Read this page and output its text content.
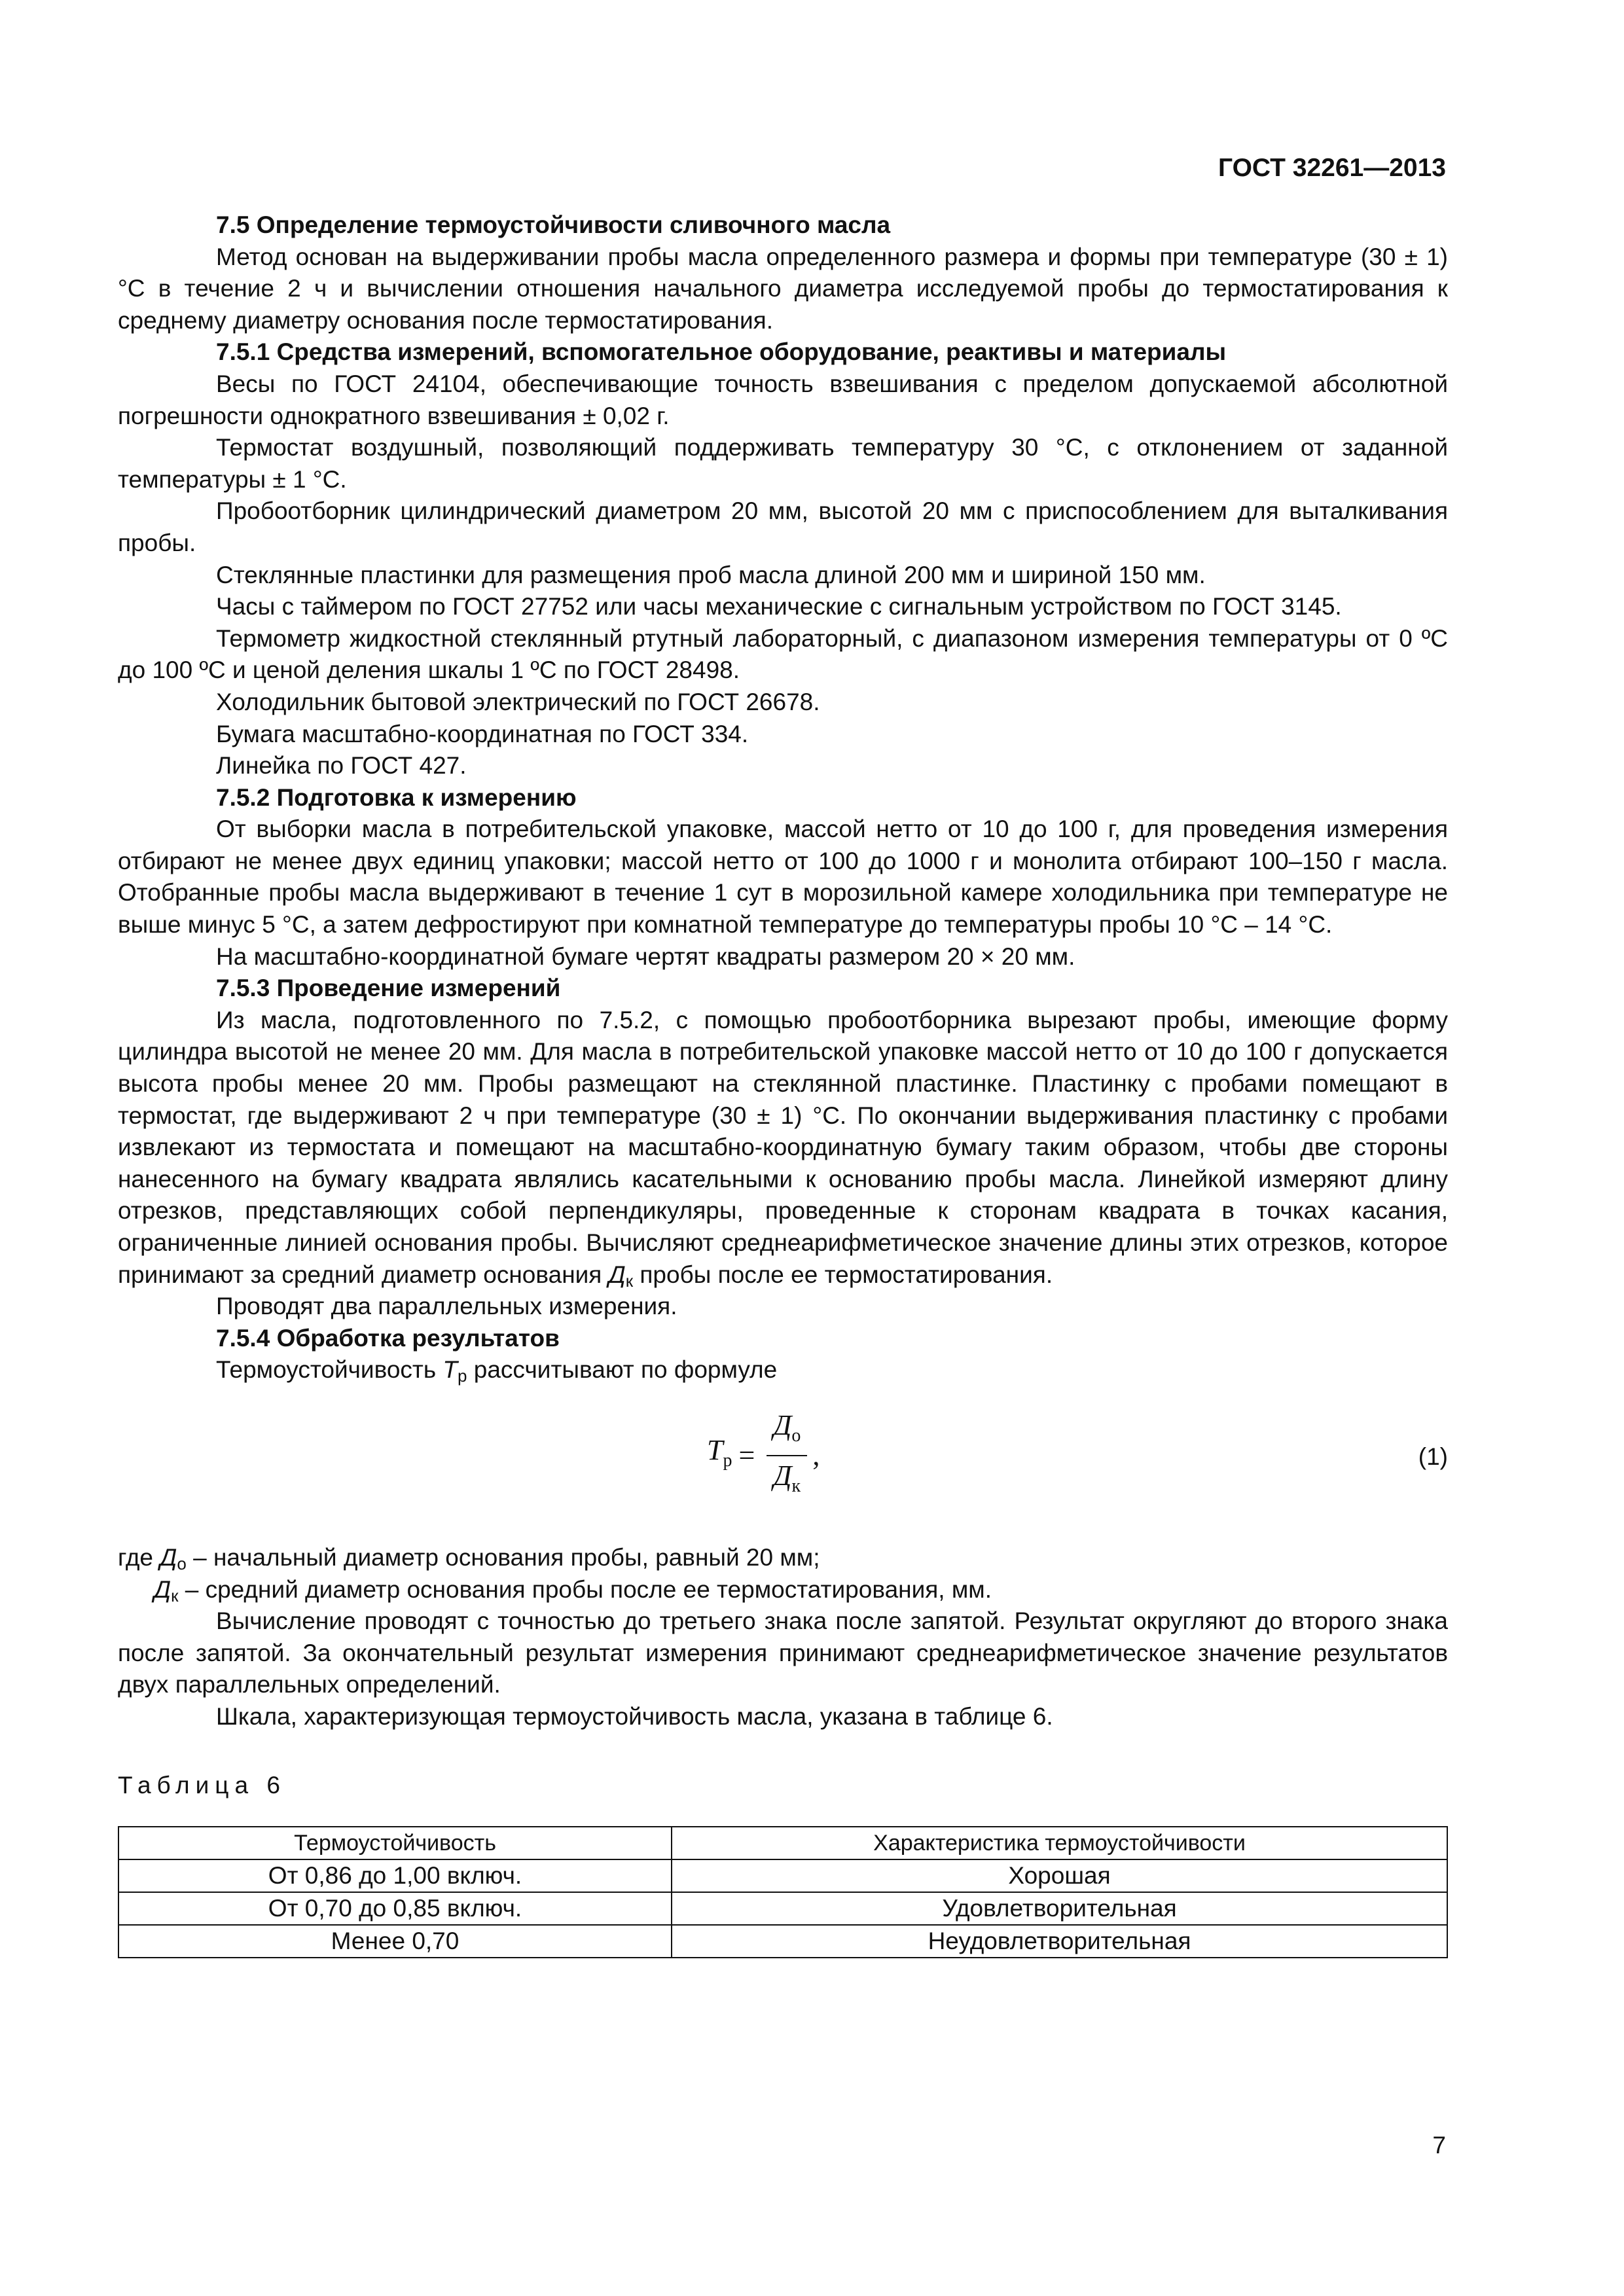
ГОСТ 32261—2013

7.5 Определение термоустойчивости сливочного масла

Метод основан на выдерживании пробы масла определенного размера и формы при температуре (30 ± 1) °С в течение 2 ч и вычислении отношения начального диаметра исследуемой пробы до термостатирования к среднему диаметру основания после термостатирования.

7.5.1 Средства измерений, вспомогательное оборудование, реактивы и материалы

Весы по ГОСТ 24104, обеспечивающие точность взвешивания с пределом допускаемой абсолютной погрешности однократного взвешивания ± 0,02 г.

Термостат воздушный, позволяющий поддерживать температуру 30 °С, с отклонением от заданной температуры ± 1 °С.

Пробоотборник цилиндрический диаметром 20 мм, высотой 20 мм с приспособлением для выталкивания пробы.

Стеклянные пластинки для размещения проб масла длиной 200 мм и шириной 150 мм.

Часы с таймером по ГОСТ 27752 или часы механические с сигнальным устройством по ГОСТ 3145.

Термометр жидкостной стеклянный ртутный лабораторный, с диапазоном измерения температуры от 0 ºС до 100 ºС и ценой деления шкалы 1 ºС по ГОСТ 28498.

Холодильник бытовой электрический по ГОСТ 26678.

Бумага масштабно-координатная по ГОСТ 334.

Линейка по ГОСТ 427.

7.5.2 Подготовка к измерению

От выборки масла в потребительской упаковке, массой нетто от 10 до 100 г, для проведения измерения отбирают не менее двух единиц упаковки; массой нетто от 100 до 1000 г и монолита отбирают 100–150 г масла. Отобранные пробы масла выдерживают в течение 1 сут в морозильной камере холодильника при температуре не выше минус 5 °С, а затем дефростируют при комнатной температуре до температуры пробы 10 °С – 14 °С.

На масштабно-координатной бумаге чертят квадраты размером 20 × 20 мм.

7.5.3 Проведение измерений

Из масла, подготовленного по 7.5.2, с помощью пробоотборника вырезают пробы, имеющие форму цилиндра высотой не менее 20 мм. Для масла в потребительской упаковке массой нетто от 10 до 100 г допускается высота пробы менее 20 мм. Пробы размещают на стеклянной пластинке. Пластинку с пробами помещают в термостат, где выдерживают 2 ч при температуре (30 ± 1) °С. По окончании выдерживания пластинку с пробами извлекают из термостата и помещают на масштабно-координатную бумагу таким образом, чтобы две стороны нанесенного на бумагу квадрата являлись касательными к основанию пробы масла. Линейкой измеряют длину отрезков, представляющих собой перпендикуляры, проведенные к сторонам квадрата в точках касания, ограниченные линией основания пробы. Вычисляют среднеарифметическое значение длины этих отрезков, которое принимают за средний диаметр основания Дк пробы после ее термостатирования.

Проводят два параллельных измерения.

7.5.4 Обработка результатов

Термоустойчивость Тр рассчитывают по формуле

$Т_р = \frac{Д_о}{Д_к}$ ,	(1)

где До – начальный диаметр основания пробы, равный 20 мм;

Дк – средний диаметр основания пробы после ее термостатирования, мм.

Вычисление проводят с точностью до третьего знака после запятой. Результат округляют до второго знака после запятой. За окончательный результат измерения принимают среднеарифметическое значение результатов двух параллельных определений.

Шкала, характеризующая термоустойчивость масла, указана в таблице 6.

Таблица 6
Термоустойчивость	Характеристика термоустойчивости
От 0,86 до 1,00 включ.	Хорошая
От 0,70 до 0,85 включ.	Удовлетворительная
Менее 0,70	Неудовлетворительная
7
